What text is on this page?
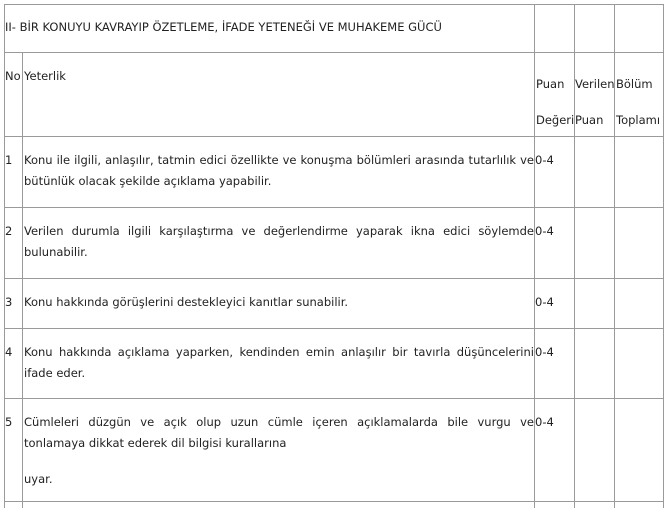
II- BİR KONUYU KAVRAYIP ÖZETLEME, İFADE YETENEĞİ VE MUHAKEME GÜCÜ
No Yeterlik
Puan
Değeri
Verilen
Puan
Bölüm
Toplamı
1 Konu ile ilgili, anlaşılır, tatmin edici özellikte ve konuşma bölümleri arasında tutarlılık ve bütünlük olacak şekilde açıklama yapabilir.
0-4
2 Verilen durumla ilgili karşılaştırma ve değerlendirme yaparak ikna edici söylemde bulunabilir.
0-4
3 Konu hakkında görüşlerini destekleyici kanıtlar sunabilir.	0-4
4 Konu hakkında açıklama yaparken, kendinden emin anlaşılır bir tavırla düşüncelerini ifade eder.
0-4
5 Cümleleri düzgün ve açık olup uzun cümle içeren açıklamalarda bile vurgu ve tonlamaya dikkat ederek dil bilgisi kurallarına
uyar.
0-4
